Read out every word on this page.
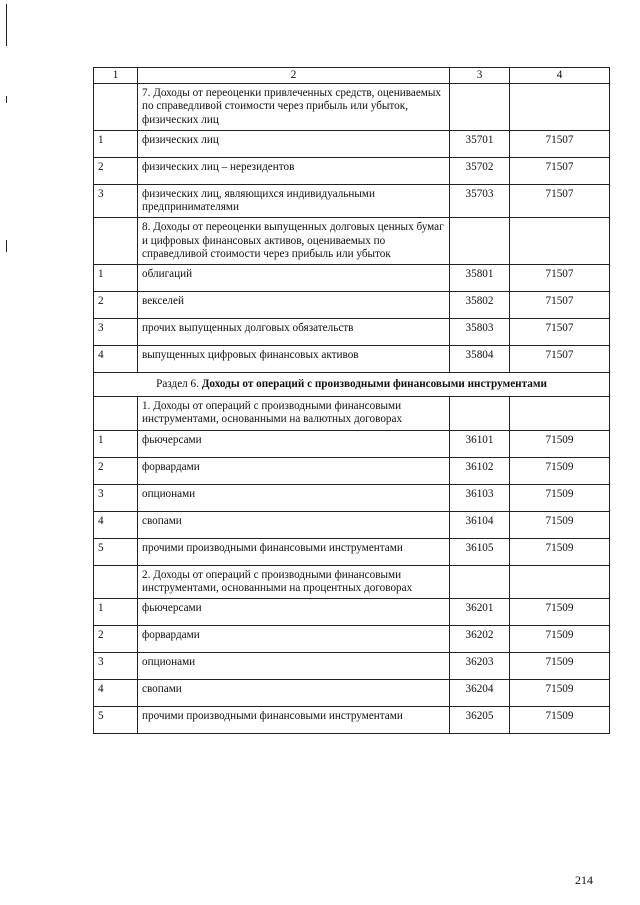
1	2	3	4
	7. Доходы от переоценки привлеченных средств, оцениваемых по справедливой стоимости через прибыль или убыток, физических лиц		
1	физических лиц	35701	71507
2	физических лиц – нерезидентов	35702	71507
3	физических лиц, являющихся индивидуальными предпринимателями	35703	71507
	8. Доходы от переоценки выпущенных долговых ценных бумаг и цифровых финансовых активов, оцениваемых по справедливой стоимости через прибыль или убыток		
1	облигаций	35801	71507
2	векселей	35802	71507
3	прочих выпущенных долговых обязательств	35803	71507
4	выпущенных цифровых финансовых активов	35804	71507
Раздел 6. Доходы от операций с производными финансовыми инструментами			
	1. Доходы от операций с производными финансовыми инструментами, основанными на валютных договорах		
1	фьючерсами	36101	71509
2	форвардами	36102	71509
3	опционами	36103	71509
4	свопами	36104	71509
5	прочими производными финансовыми инструментами	36105	71509
	2. Доходы от операций с производными финансовыми инструментами, основанными на процентных договорах		
1	фьючерсами	36201	71509
2	форвардами	36202	71509
3	опционами	36203	71509
4	свопами	36204	71509
5	прочими производными финансовыми инструментами	36205	71509
214
